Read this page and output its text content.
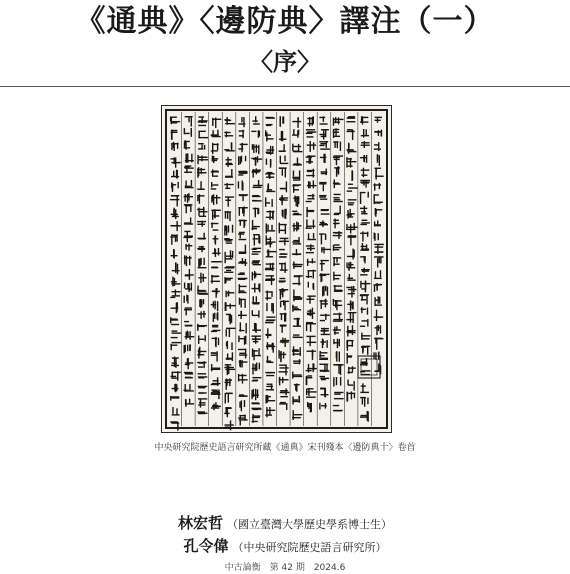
《通典》〈邊防典〉譯注（一）
〈序〉
中央研究院歷史語言研究所藏《通典》宋刊殘本〈邊防典十〉卷首
林宏哲 （國立臺灣大學歷史學系博士生）
孔令偉 （中央研究院歷史語言研究所）
中古論衡　第 42 期　2024.6
